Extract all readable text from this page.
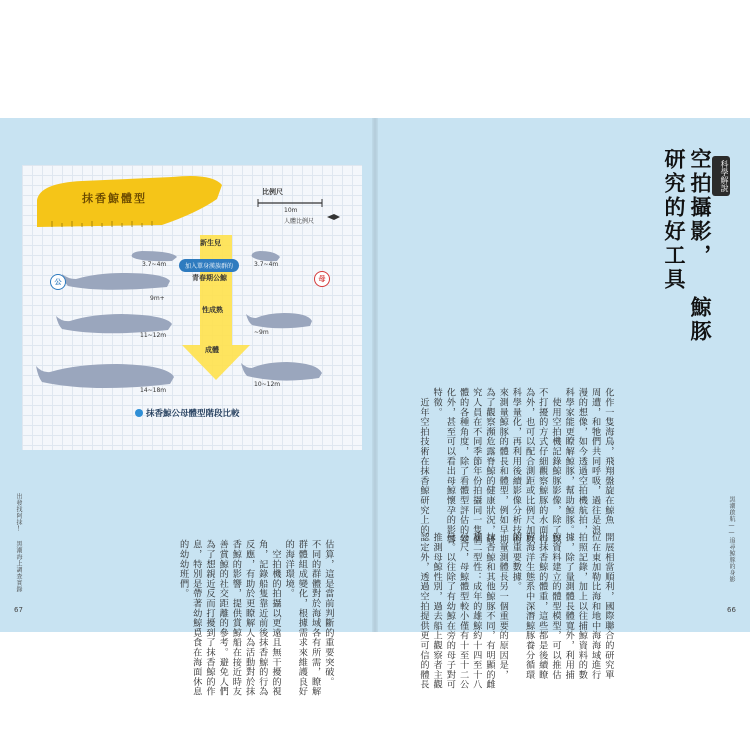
抹香鯨體型	比例尺
10m
人體比例尺
新生兒
加入單身漢族群的
青春期公鯨
性成熟
成體
公	母
3.7~4m	3.7~4m
9m+
11~12m	~9m
14~18m
10~12m
抹香鯨公母體型階段比較

估算，這是當前判斷的重要突破。
不同的群體對於海域各有所需，瞭解
群體組成變化，根據需求來維護良好
的海洋環境。
　空拍機的拍攝以更遠且無干擾的視
角，記錄船隻靠近前後抹香鯨的行為
反應，有助於更瞭解人為活動對於抹
香鯨的影響，提供賞鯨船在接近時友
善賞鯨的社交距離的參考。避免人們
為了想親近反而打擾到了抹香鯨的作
息，特別是帶著幼鯨覓食在海面休息
的幼幼班們。

出發找阿抹! 黑潮海上調查實錄
67
科學解說
空拍攝影， 鯨豚研究的好工具

化作一隻海鳥，飛翔盤旋在鯨魚
周遭，和牠們共同呼吸，過往是浪
漫的想像，如今透過空拍機航拍，
科學家能更瞭解鯨豚，幫助鯨豚。
　使用空拍機記錄鯨豚影像，除了以
不打擾的方式仔細觀察鯨豚的水面行
為外，也可以配合測距或比例尺加以
科學量化，再利用後續影像分析技術
來測量鯨豚的體長和體型，例如早期
為了觀察瀕危露脊鯨的健康狀況，研
究人員在不同季節年份拍攝同一隻個
體的各種角度，除了看體型評估的變
化外，甚至可以看出母鯨懷孕的影響
特徵。
　近年空拍技術在抹香鯨研究上的

開展相當順利，國際聯合的研究單
位在東加勒比海和地中海海域進行
拍照記錄，加上以往捕鯨資料的數
據，除了量測體長體寬外，利用捕
鯨資料建立的體型模型，可以推估
出抹香鯨的體重，這些都是後續瞭
解海洋生態系中深潛鯨豚養分循環
的重要數據。
　量測體長另一個重要的原因是，
抹香鯨和其他鯨豚不同，有明顯的雌
雄二型性：成年的雄鯨約十四至十八
公尺，母鯨體型較小僅有十至十二公
尺。以往除了有幼鯨在旁的母子對可
推測母鯨性別，過去船上觀察者主觀
認定外，透過空拍提供更可信的體長
	黑潮啟航——追尋鯨豚的身影
66
